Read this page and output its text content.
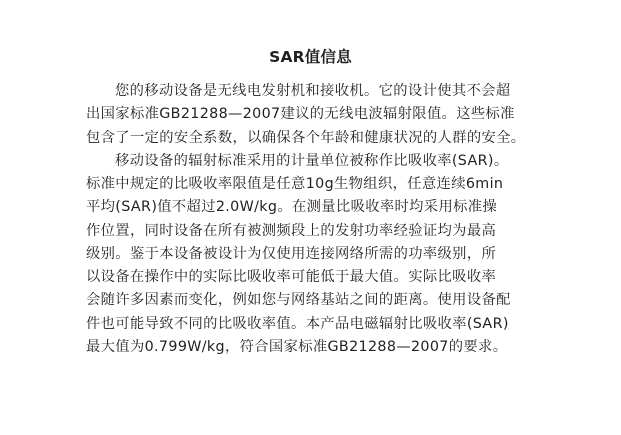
SAR值信息
您的移动设备是无线电发射机和接收机。它的设计使其不会超
出国家标准GB21288—2007建议的无线电波辐射限值。这些标准
包含了一定的安全系数，以确保各个年龄和健康状况的人群的安全。
移动设备的辐射标准采用的计量单位被称作比吸收率(SAR)。
标准中规定的比吸收率限值是任意10g生物组织，任意连续6min
平均(SAR)值不超过2.0W/kg。在测量比吸收率时均采用标准操
作位置，同时设备在所有被测频段上的发射功率经验证均为最高
级别。鉴于本设备被设计为仅使用连接网络所需的功率级别，所
以设备在操作中的实际比吸收率可能低于最大值。实际比吸收率
会随许多因素而变化，例如您与网络基站之间的距离。使用设备配
件也可能导致不同的比吸收率值。本产品电磁辐射比吸收率(SAR)
最大值为0.799W/kg，符合国家标准GB21288—2007的要求。
